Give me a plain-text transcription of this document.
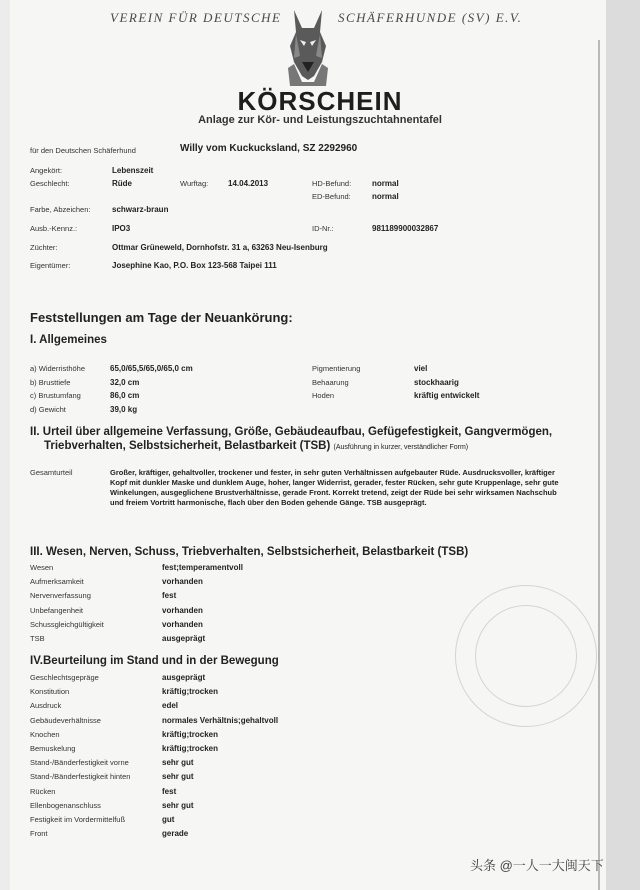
VEREIN FÜR DEUTSCHE	SCHÄFERHUNDE (SV) E.V.
KÖRSCHEIN
Anlage zur Kör- und Leistungszuchtahnentafel
für den Deutschen Schäferhund	Willy vom Kuckucksland, SZ 2292960
Angekört:	Lebenszeit
Geschlecht:	Rüde	Wurftag: 14.04.2013	HD-Befund:	normal
ED-Befund:	normal
Farbe, Abzeichen:	schwarz-braun
Ausb.-Kennz.:	IPO3	ID-Nr.:	981189900032867
Züchter:	Ottmar Grüneweld, Dornhofstr. 31 a, 63263 Neu-Isenburg
Eigentümer:	Josephine Kao, P.O. Box 123-568 Taipei 111
Feststellungen am Tage der Neuankörung:
I. Allgemeines
a) Widerristhöhe	65,0/65,5/65,0/65,0 cm
b) Brusttiefe	32,0 cm
c) Brustumfang	86,0 cm
d) Gewicht	39,0 kg
Pigmentierung	viel
Behaarung	stockhaarig
Hoden	kräftig entwickelt
II. Urteil über allgemeine Verfassung, Größe, Gebäudeaufbau, Gefügefestigkeit, Gangvermögen,
Triebverhalten, Selbstsicherheit, Belastbarkeit (TSB) (Ausführung in kurzer, verständlicher Form)
Gesamturteil	Großer, kräftiger, gehaltvoller, trockener und fester, in sehr guten Verhältnissen aufgebauter Rüde. Ausdrucksvoller, kräftiger Kopf mit dunkler Maske und dunklem Auge, hoher, langer Widerrist, gerader, fester Rücken, sehr gute Kruppenlage, sehr gute Winkelungen, ausgeglichene Brustverhältnisse, gerade Front. Korrekt tretend, zeigt der Rüde bei sehr wirksamen Nachschub und freiem Vortritt harmonische, flach über den Boden gehende Gänge. TSB ausgeprägt.
III. Wesen, Nerven, Schuss, Triebverhalten, Selbstsicherheit, Belastbarkeit (TSB)
Wesen	fest;temperamentvoll
Aufmerksamkeit	vorhanden
Nervenverfassung	fest
Unbefangenheit	vorhanden
Schussgleichgültigkeit	vorhanden
TSB	ausgeprägt
IV.Beurteilung im Stand und in der Bewegung
Geschlechtsgepräge	ausgeprägt
Konstitution	kräftig;trocken
Ausdruck	edel
Gebäudeverhältnisse	normales Verhältnis;gehaltvoll
Knochen	kräftig;trocken
Bemuskelung	kräftig;trocken
Stand-/Bänderfestigkeit vorne	sehr gut
Stand-/Bänderfestigkeit hinten	sehr gut
Rücken	fest
Ellenbogenanschluss	sehr gut
Festigkeit im Vordermittelfuß	gut
Front	gerade
头条 @一人一大闽天下
